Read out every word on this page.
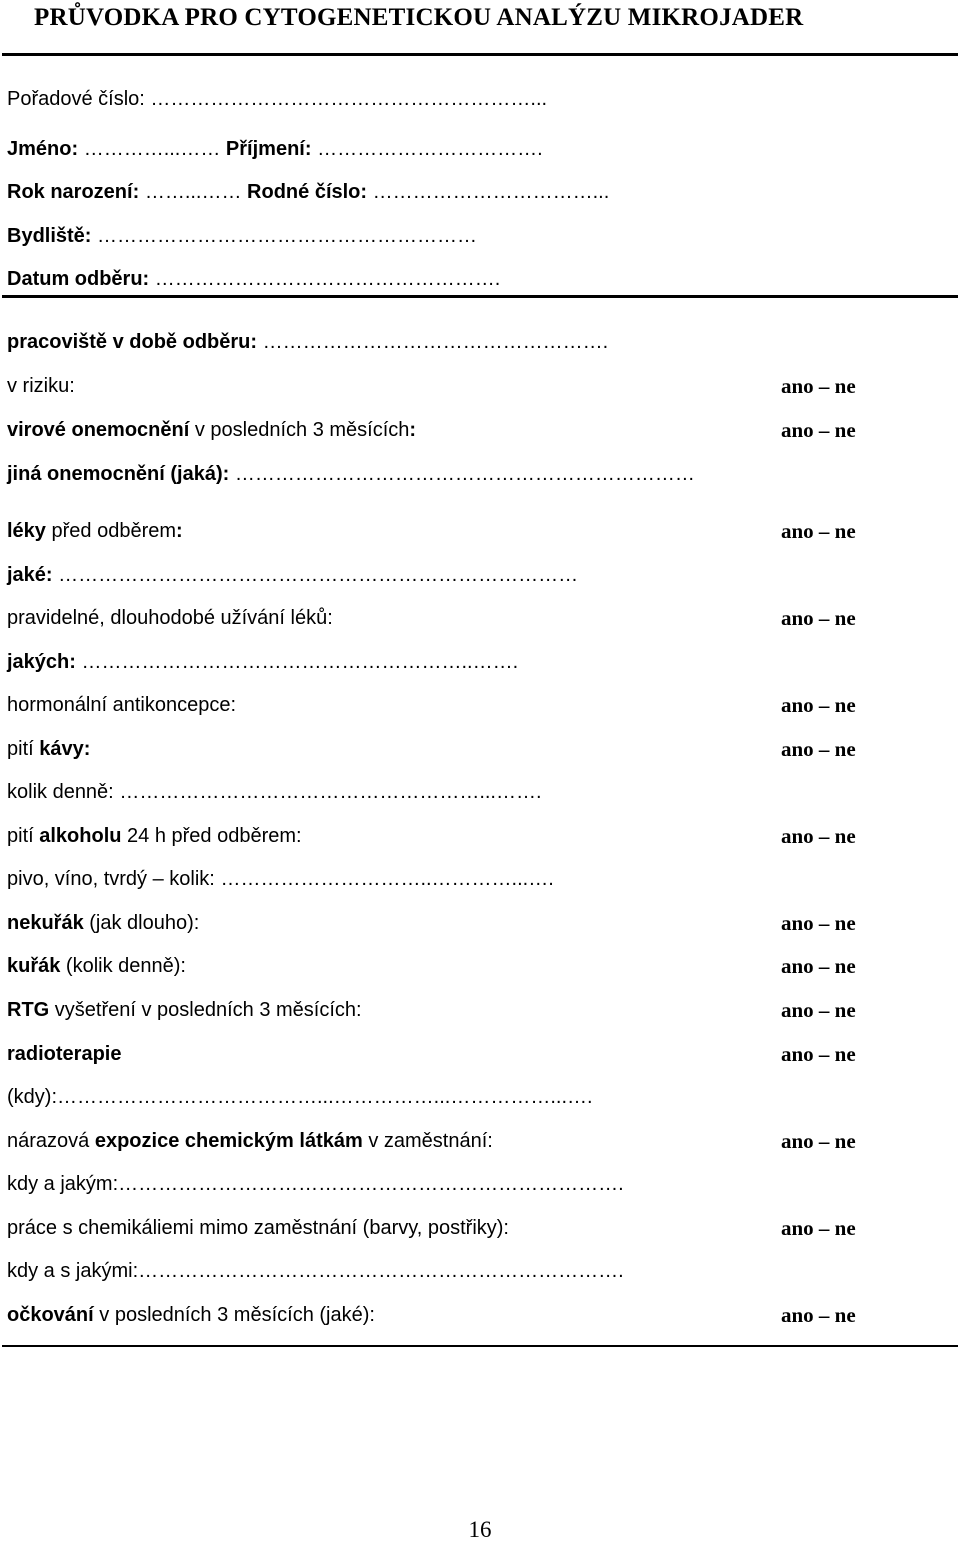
PRŮVODKA PRO CYTOGENETICKOU ANALÝZU MIKROJADER
Pořadové číslo: …………………………………………………...
Jméno: …………...…… Příjmení: …………………………….
Rok narození: ……...…… Rodné číslo: ……………………………...
Bydliště: …………………………………………………
Datum odběru: …………………………………………….
pracoviště v době odběru: …………………………………………….
v riziku:	ano – ne
virové onemocnění v posledních 3 měsících:	ano – ne
jiná onemocnění (jaká): ……………………………………………………………
léky před odběrem:	ano – ne
jaké: ……………………………………………………………………
pravidelné, dlouhodobé užívání léků:	ano – ne
jakých: …………………………………………………..…….
hormonální antikoncepce:	ano – ne
pití kávy:	ano – ne
kolik denně: ………………………………………………...…….
pití alkoholu 24 h před odběrem:	ano – ne
pivo, víno, tvrdý – kolik: …………………………..…………...….
nekuřák (jak dlouho):	ano – ne
kuřák (kolik denně):	ano – ne
RTG vyšetření v posledních 3 měsících:	ano – ne
radioterapie	ano – ne
(kdy):…………………………………...……………...……………...….
nárazová expozice chemickým látkám v zaměstnání:	ano – ne
kdy a jakým:………………………………………………………………….
práce s chemikáliemi mimo zaměstnání (barvy, postřiky):	ano – ne
kdy a s jakými:……………………………………………………………….
očkování v posledních 3 měsících (jaké):	ano – ne
16
